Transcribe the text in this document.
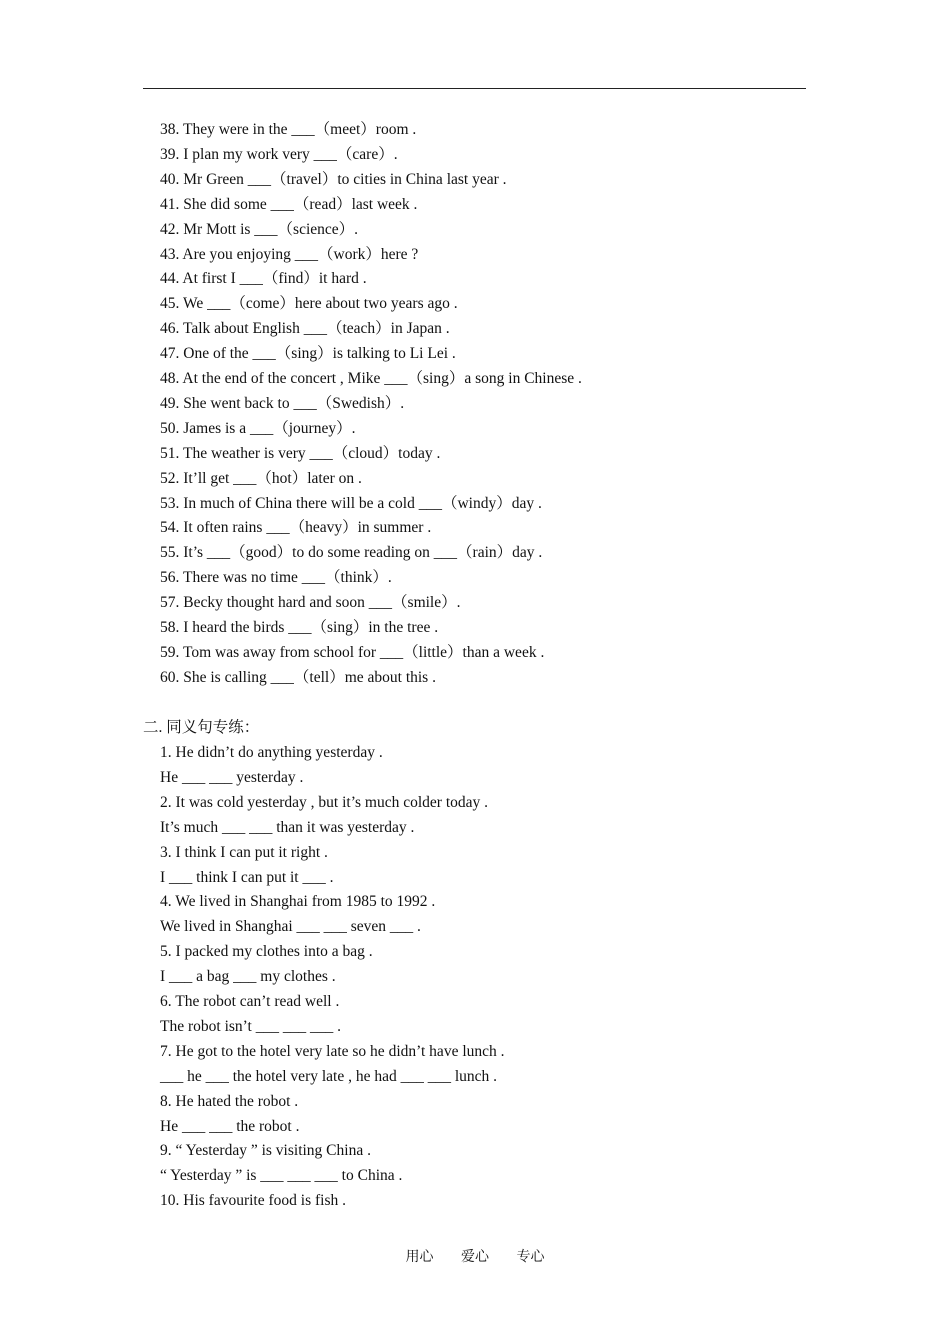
38. They were in the ___（meet）room .
39. I plan my work very ___（care）.
40. Mr Green ___（travel）to cities in China last year .
41. She did some ___（read）last week .
42. Mr Mott is ___（science）.
43. Are you enjoying ___（work）here ?
44. At first I ___（find）it hard .
45. We ___（come）here about two years ago .
46. Talk about English ___（teach）in Japan .
47. One of the ___（sing）is talking to Li Lei .
48. At the end of the concert , Mike ___（sing）a song in Chinese .
49. She went back to ___（Swedish）.
50. James is a ___（journey）.
51. The weather is very ___（cloud）today .
52. It’ll get ___（hot）later on .
53. In much of China there will be a cold ___（windy）day .
54. It often rains ___（heavy）in summer .
55. It’s ___（good）to do some reading on ___（rain）day .
56. There was no time ___（think）.
57. Becky thought hard and soon ___（smile）.
58. I heard the birds ___（sing）in the tree .
59. Tom was away from school for ___（little）than a week .
60. She is calling ___（tell）me about this .
二. 同义句专练：
1. He didn’t do anything yesterday .
He ___ ___ yesterday .
2. It was cold yesterday , but it’s much colder today .
It’s much ___ ___ than it was yesterday .
3. I think I can put it right .
I ___ think I can put it ___ .
4. We lived in Shanghai from 1985 to 1992 .
We lived in Shanghai ___ ___ seven ___ .
5. I packed my clothes into a bag .
I ___ a bag ___ my clothes .
6. The robot can’t read well .
The robot isn’t ___ ___ ___ .
7. He got to the hotel very late so he didn’t have lunch .
___ he ___ the hotel very late , he had ___ ___ lunch .
8. He hated the robot .
He ___ ___ the robot .
9. “ Yesterday ” is visiting China .
“ Yesterday ” is ___ ___ ___ to China .
10. His favourite food is fish .
用心 爱心 专心
